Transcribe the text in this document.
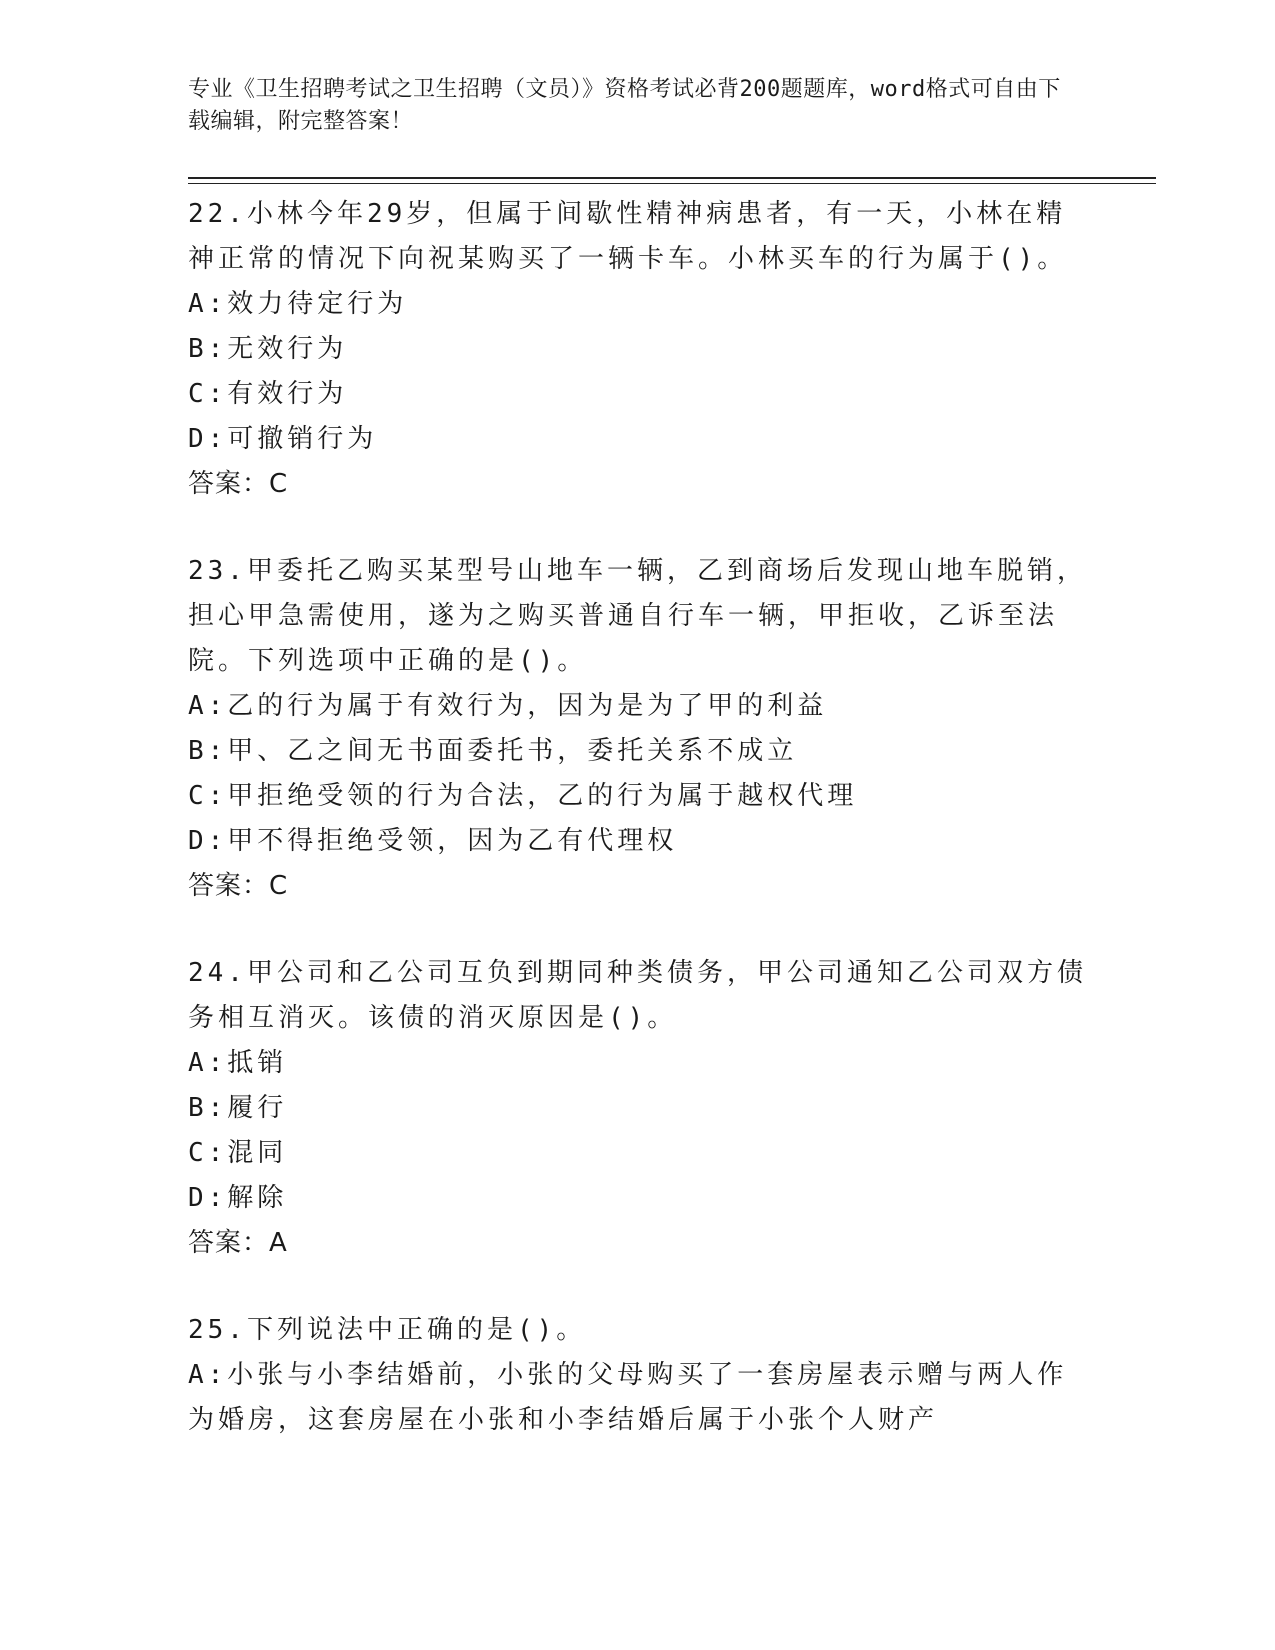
专业《卫生招聘考试之卫生招聘（文员）》资格考试必背200题题库，word格式可自由下载编辑，附完整答案！

22.小林今年29岁，但属于间歇性精神病患者，有一天，小林在精神正常的情况下向祝某购买了一辆卡车。小林买车的行为属于()。

A:效力待定行为

B:无效行为

C:有效行为

D:可撤销行为

答案：C

23.甲委托乙购买某型号山地车一辆，乙到商场后发现山地车脱销，担心甲急需使用，遂为之购买普通自行车一辆，甲拒收，乙诉至法院。下列选项中正确的是()。

A:乙的行为属于有效行为，因为是为了甲的利益

B:甲、乙之间无书面委托书，委托关系不成立

C:甲拒绝受领的行为合法，乙的行为属于越权代理

D:甲不得拒绝受领，因为乙有代理权

答案：C

24.甲公司和乙公司互负到期同种类债务，甲公司通知乙公司双方债务相互消灭。该债的消灭原因是()。

A:抵销

B:履行

C:混同

D:解除

答案：A

25.下列说法中正确的是()。

A:小张与小李结婚前，小张的父母购买了一套房屋表示赠与两人作为婚房，这套房屋在小张和小李结婚后属于小张个人财产
